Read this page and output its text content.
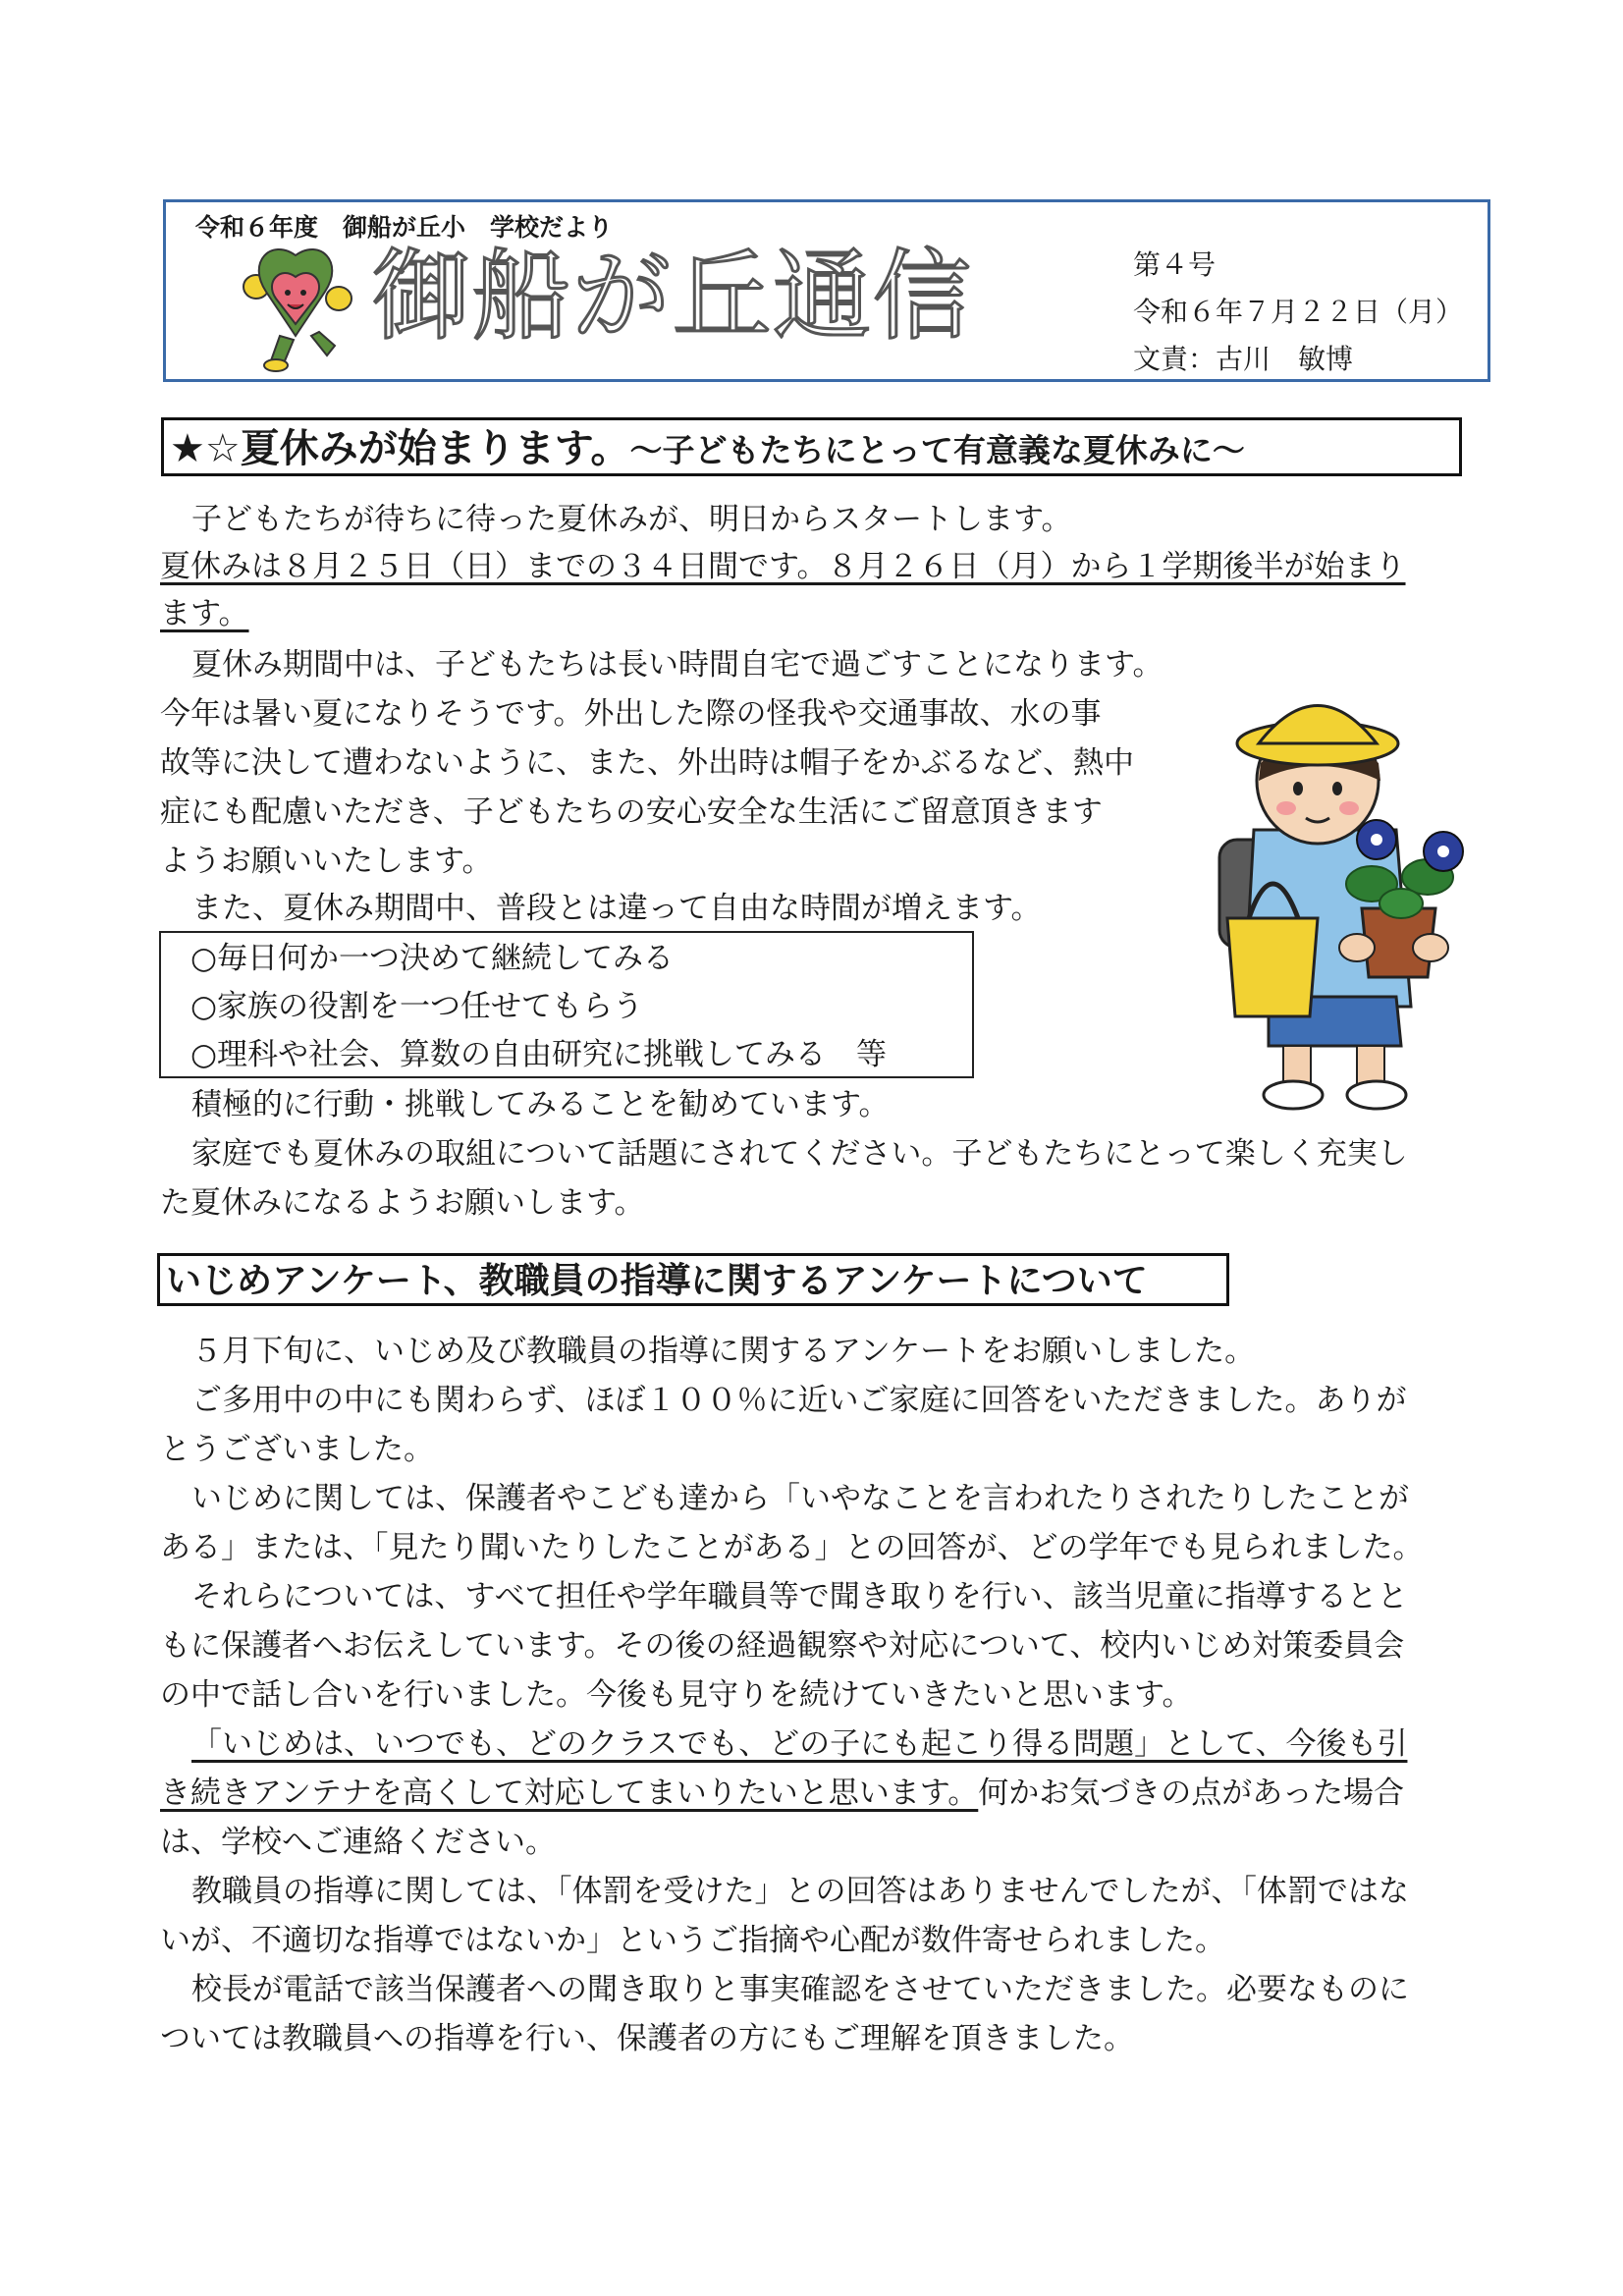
令和６年度　御船が丘小　学校だより
御船が丘通信	第４号
令和６年７月２２日（月）
文責：古川　敏博
★☆夏休みが始まります。～子どもたちにとって有意義な夏休みに～
子どもたちが待ちに待った夏休みが、明日からスタートします。
夏休みは８月２５日（日）までの３４日間です。８月２６日（月）から１学期後半が始まり
ます。
夏休み期間中は、子どもたちは長い時間自宅で過ごすことになります。
今年は暑い夏になりそうです。外出した際の怪我や交通事故、水の事
故等に決して遭わないように、また、外出時は帽子をかぶるなど、熱中
症にも配慮いただき、子どもたちの安心安全な生活にご留意頂きます
ようお願いいたします。
また、夏休み期間中、普段とは違って自由な時間が増えます。
○毎日何か一つ決めて継続してみる
○家族の役割を一つ任せてもらう
○理科や社会、算数の自由研究に挑戦してみる　等
積極的に行動・挑戦してみることを勧めています。
家庭でも夏休みの取組について話題にされてください。子どもたちにとって楽しく充実し
た夏休みになるようお願いします。
いじめアンケート、教職員の指導に関するアンケートについて
５月下旬に、いじめ及び教職員の指導に関するアンケートをお願いしました。
ご多用中の中にも関わらず、ほぼ１００％に近いご家庭に回答をいただきました。ありが
とうございました。
いじめに関しては、保護者やこども達から「いやなことを言われたりされたりしたことが
ある」または、「見たり聞いたりしたことがある」との回答が、どの学年でも見られました。
それらについては、すべて担任や学年職員等で聞き取りを行い、該当児童に指導するとと
もに保護者へお伝えしています。その後の経過観察や対応について、校内いじめ対策委員会
の中で話し合いを行いました。今後も見守りを続けていきたいと思います。
「いじめは、いつでも、どのクラスでも、どの子にも起こり得る問題」として、今後も引
き続きアンテナを高くして対応してまいりたいと思います。何かお気づきの点があった場合
は、学校へご連絡ください。
教職員の指導に関しては、「体罰を受けた」との回答はありませんでしたが、「体罰ではな
いが、不適切な指導ではないか」というご指摘や心配が数件寄せられました。
校長が電話で該当保護者への聞き取りと事実確認をさせていただきました。必要なものに
ついては教職員への指導を行い、保護者の方にもご理解を頂きました。
